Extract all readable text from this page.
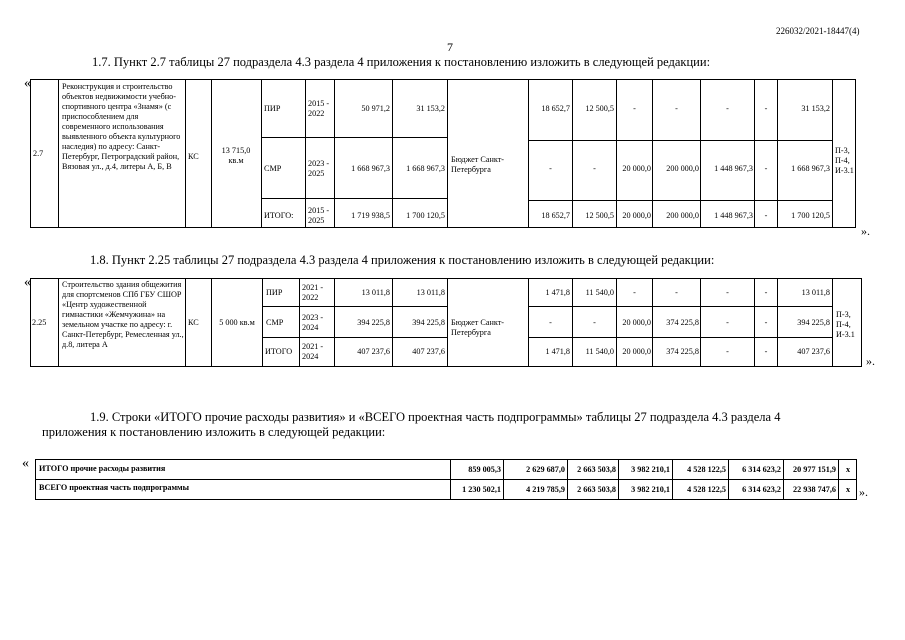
226032/2021-18447(4)
7
1.7. Пункт 2.7 таблицы 27 подраздела 4.3 раздела 4 приложения к постановлению изложить в следующей редакции:
«
2.7
Реконструкция и строительство объектов недвижимости учебно-спортивного центра «Знамя» (с приспособлением для современного использования выявленного объекта культурного наследия) по адресу: Санкт-Петербург, Петроградский район, Вязовая ул., д.4, литеры А, Б, В
КС
13 715,0 кв.м	Бюджет Санкт-Петербурга
П-3, П-4, И-3.1
ПИР
2015 - 2022
50 971,2	31 153,2	18 652,7	12 500,5	-	-	-	-	31 153,2
СМР
2023 - 2025
1 668 967,3	1 668 967,3	-	-	20 000,0	200 000,0	1 448 967,3	-	1 668 967,3
ИТОГО:
2015 - 2025
1 719 938,5	1 700 120,5	18 652,7	12 500,5	20 000,0	200 000,0	1 448 967,3	-	1 700 120,5
».
1.8. Пункт 2.25 таблицы 27 подраздела 4.3 раздела 4 приложения к постановлению изложить в следующей редакции:
«
2.25
Строительство здания общежития для спортсменов СПб ГБУ СШОР «Центр художественной гимнастики «Жемчужина» на земельном участке по адресу: г. Санкт-Петербург, Ремесленная ул., д.8, литера А
КС	5 000 кв.м	Бюджет Санкт-Петербурга
П-3, П-4, И-3.1
ПИР
2021 - 2022
13 011,8	13 011,8	1 471,8	11 540,0	-	-	-	-	13 011,8
СМР
2023 - 2024
394 225,8	394 225,8	-	-	20 000,0	374 225,8	-	-	394 225,8
ИТОГО
2021 - 2024
407 237,6	407 237,6	1 471,8	11 540,0	20 000,0	374 225,8	-	-	407 237,6
».
1.9. Строки «ИТОГО прочие расходы развития» и «ВСЕГО проектная часть подпрограммы» таблицы 27 подраздела 4.3 раздела 4
приложения к постановлению изложить в следующей редакции:
« ИТОГО прочие расходы развития	859 005,3	2 629 687,0	2 663 503,8	3 982 210,1	4 528 122,5	6 314 623,2	20 977 151,9	х
ВСЕГО проектная часть подпрограммы	1 230 502,1	4 219 785,9	2 663 503,8	3 982 210,1	4 528 122,5	6 314 623,2	22 938 747,6	х ».
